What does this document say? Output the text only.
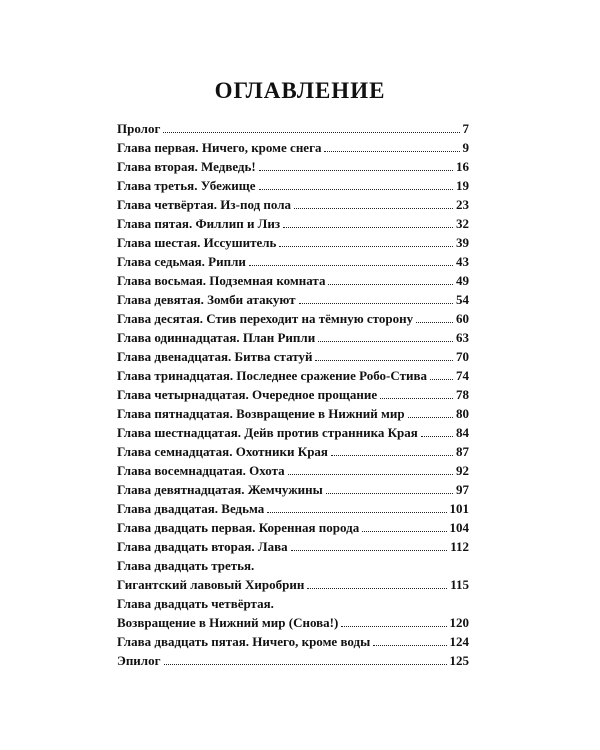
ОГЛАВЛЕНИЕ
Пролог	7
Глава первая. Ничего, кроме снега	9
Глава вторая. Медведь!	16
Глава третья. Убежище	19
Глава четвёртая. Из-под пола	23
Глава пятая. Филлип и Лиз	32
Глава шестая. Иссушитель	39
Глава седьмая. Рипли	43
Глава восьмая. Подземная комната	49
Глава девятая. Зомби атакуют	54
Глава десятая. Стив переходит на тёмную сторону	60
Глава одиннадцатая. План Рипли	63
Глава двенадцатая. Битва статуй	70
Глава тринадцатая. Последнее сражение Робо-Стива 74
Глава четырнадцатая. Очередное прощание	78
Глава пятнадцатая. Возвращение в Нижний мир	80
Глава шестнадцатая. Дейв против странника Края	84
Глава семнадцатая. Охотники Края	87
Глава восемнадцатая. Охота	92
Глава девятнадцатая. Жемчужины	97
Глава двадцатая. Ведьма	101
Глава двадцать первая. Коренная порода	104
Глава двадцать вторая. Лава	112
Глава двадцать третья.
Гигантский лавовый Хиробрин	115
Глава двадцать четвёртая.
Возвращение в Нижний мир (Снова!)	120
Глава двадцать пятая. Ничего, кроме воды	124
Эпилог	125
